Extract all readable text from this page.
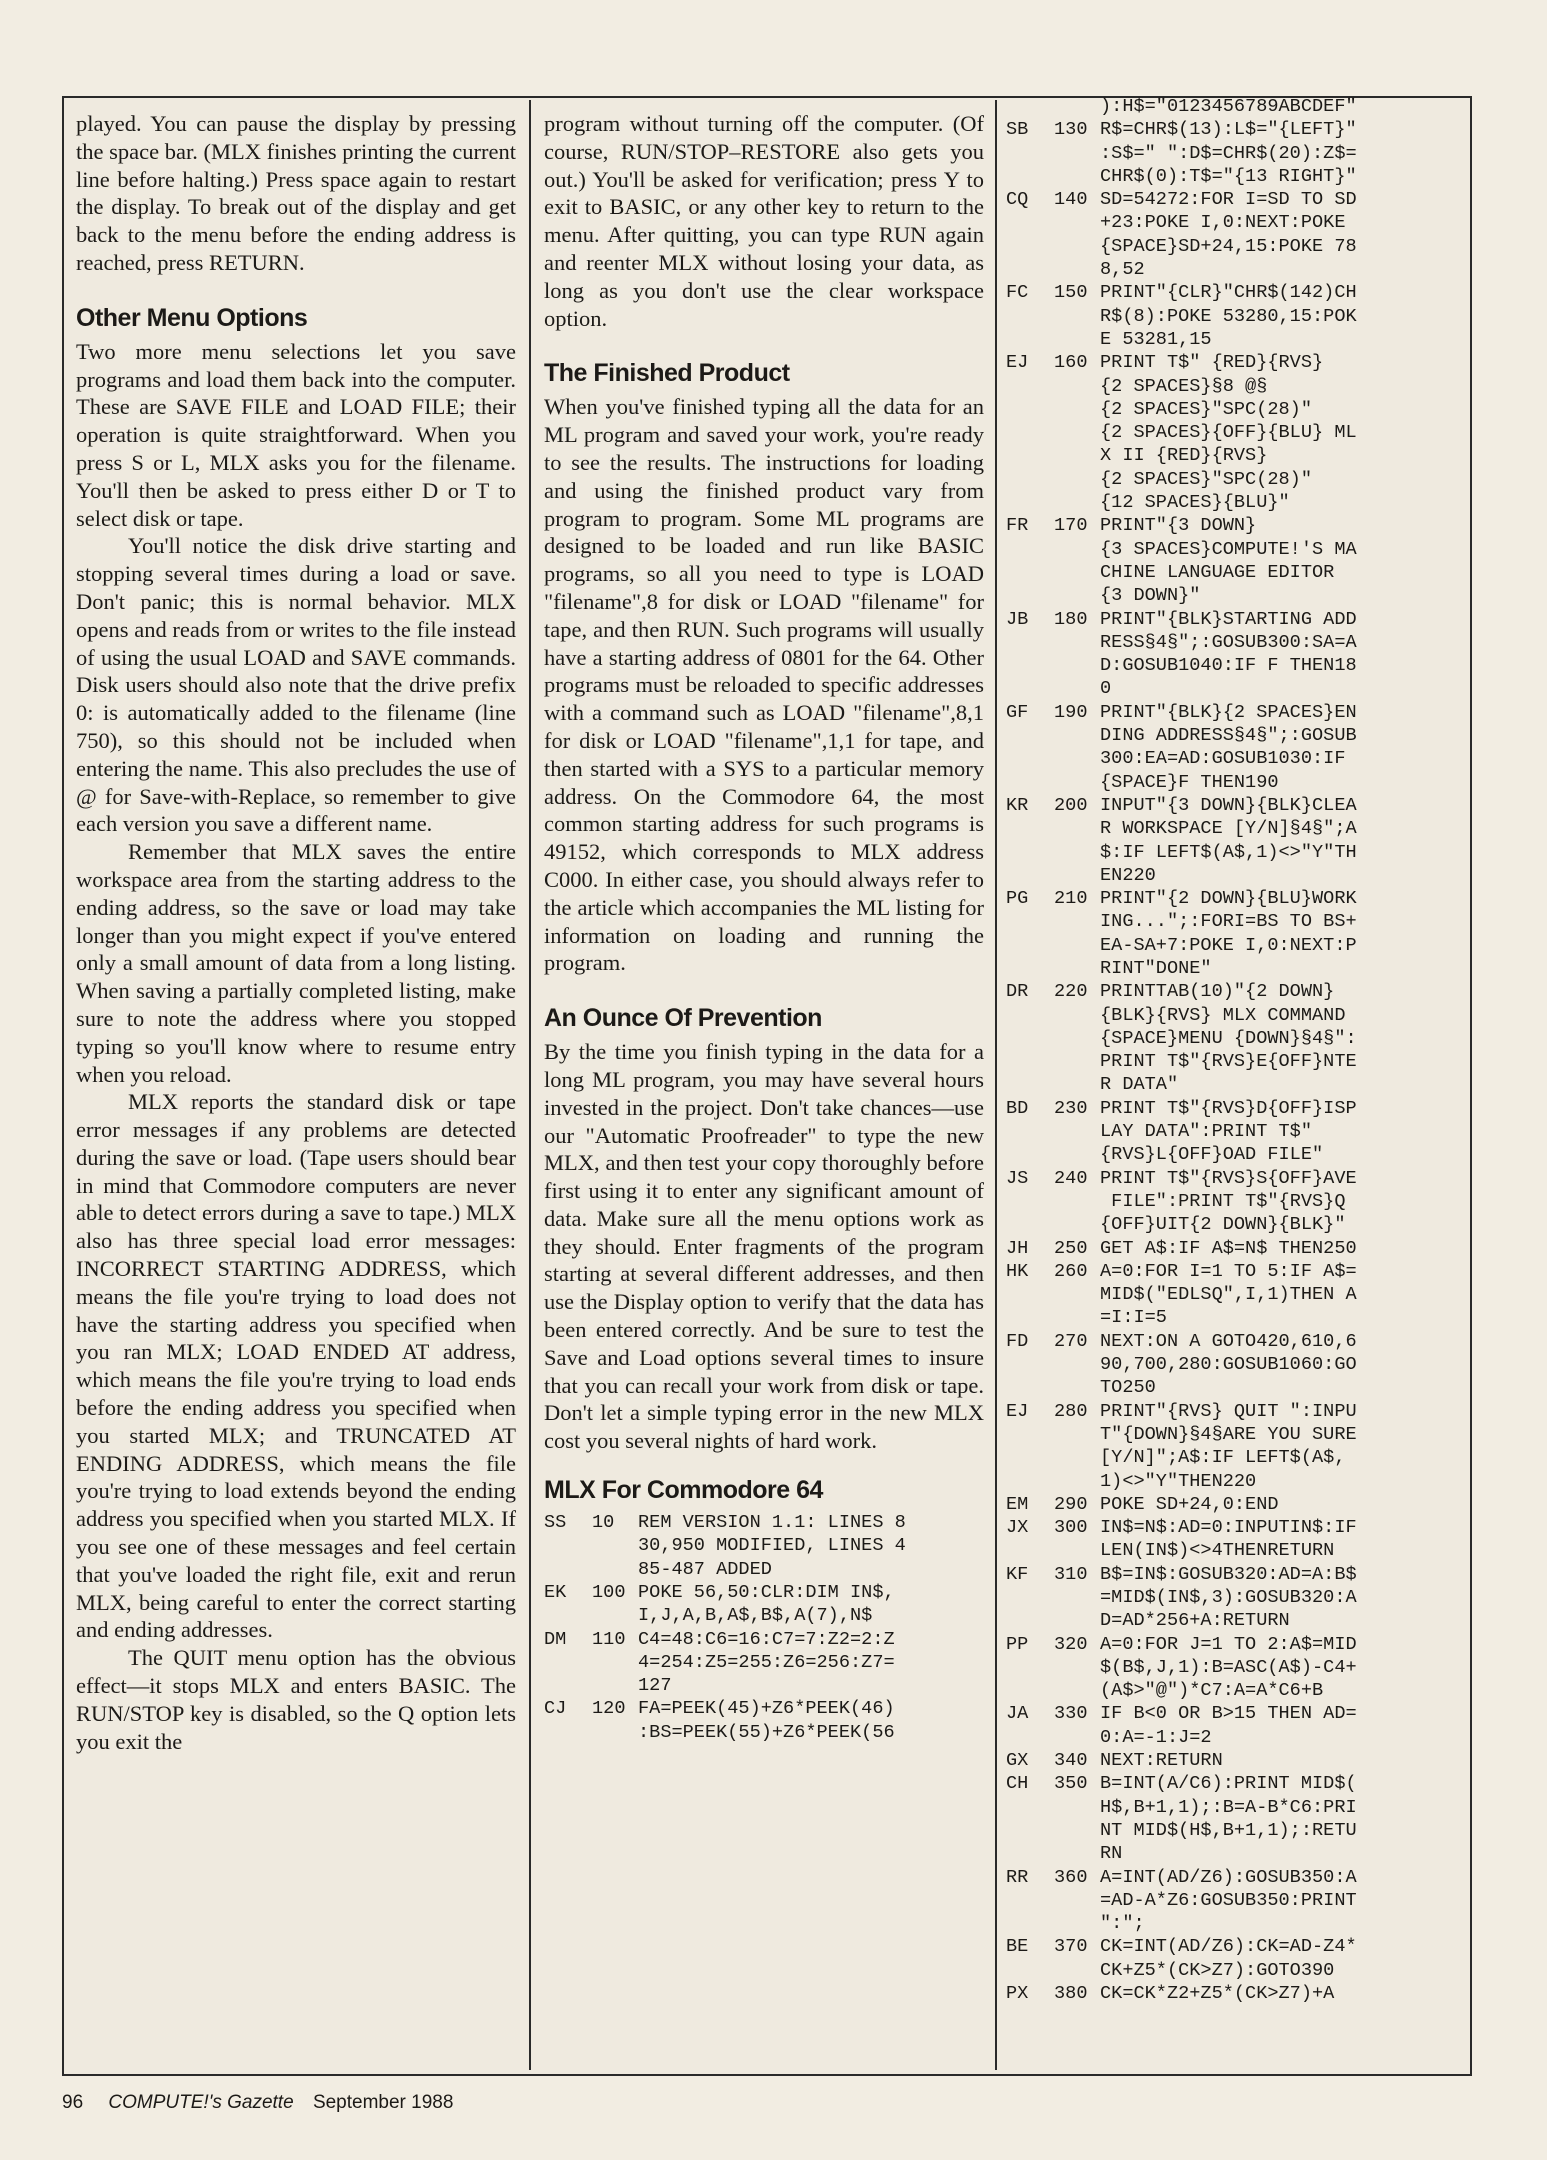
played. You can pause the display by pressing the space bar. (MLX finishes printing the current line before halting.) Press space again to restart the display. To break out of the display and get back to the menu before the ending address is reached, press RETURN.

Other Menu Options

Two more menu selections let you save programs and load them back into the computer. These are SAVE FILE and LOAD FILE; their operation is quite straightforward. When you press S or L, MLX asks you for the filename. You'll then be asked to press either D or T to select disk or tape.

You'll notice the disk drive starting and stopping several times during a load or save. Don't panic; this is normal behavior. MLX opens and reads from or writes to the file instead of using the usual LOAD and SAVE commands. Disk users should also note that the drive prefix 0: is automatically added to the filename (line 750), so this should not be included when entering the name. This also precludes the use of @ for Save-with-Replace, so remember to give each version you save a different name.

Remember that MLX saves the entire workspace area from the starting address to the ending address, so the save or load may take longer than you might expect if you've entered only a small amount of data from a long listing. When saving a partially completed listing, make sure to note the address where you stopped typing so you'll know where to resume entry when you reload.

MLX reports the standard disk or tape error messages if any problems are detected during the save or load. (Tape users should bear in mind that Commodore computers are never able to detect errors during a save to tape.) MLX also has three special load error messages: INCORRECT STARTING ADDRESS, which means the file you're trying to load does not have the starting address you specified when you ran MLX; LOAD ENDED AT address, which means the file you're trying to load ends before the ending address you specified when you started MLX; and TRUNCATED AT ENDING ADDRESS, which means the file you're trying to load extends beyond the ending address you specified when you started MLX. If you see one of these messages and feel certain that you've loaded the right file, exit and rerun MLX, being careful to enter the correct starting and ending addresses.

The QUIT menu option has the obvious effect—it stops MLX and enters BASIC. The RUN/STOP key is disabled, so the Q option lets you exit the

program without turning off the computer. (Of course, RUN/STOP–RESTORE also gets you out.) You'll be asked for verification; press Y to exit to BASIC, or any other key to return to the menu. After quitting, you can type RUN again and reenter MLX without losing your data, as long as you don't use the clear workspace option.

The Finished Product

When you've finished typing all the data for an ML program and saved your work, you're ready to see the results. The instructions for loading and using the finished product vary from program to program. Some ML programs are designed to be loaded and run like BASIC programs, so all you need to type is LOAD "filename",8 for disk or LOAD "filename" for tape, and then RUN. Such programs will usually have a starting address of 0801 for the 64. Other programs must be reloaded to specific addresses with a command such as LOAD "filename",8,1 for disk or LOAD "filename",1,1 for tape, and then started with a SYS to a particular memory address. On the Commodore 64, the most common starting address for such programs is 49152, which corresponds to MLX address C000. In either case, you should always refer to the article which accompanies the ML listing for information on loading and running the program.

An Ounce Of Prevention

By the time you finish typing in the data for a long ML program, you may have several hours invested in the project. Don't take chances—use our "Automatic Proofreader" to type the new MLX, and then test your copy thoroughly before first using it to enter any significant amount of data. Make sure all the menu options work as they should. Enter fragments of the program starting at several different addresses, and then use the Display option to verify that the data has been entered correctly. And be sure to test the Save and Load options several times to insure that you can recall your work from disk or tape. Don't let a simple typing error in the new MLX cost you several nights of hard work.

MLX For Commodore 64
SS	10	REM VERSION 1.1: LINES 8
30,950 MODIFIED, LINES 4
85-487 ADDED
EK	100 POKE 56,50:CLR:DIM IN$,
I,J,A,B,A$,B$,A(7),N$
DM	110 C4=48:C6=16:C7=7:Z2=2:Z
4=254:Z5=255:Z6=256:Z7=
127
CJ	120 FA=PEEK(45)+Z6*PEEK(46)
:BS=PEEK(55)+Z6*PEEK(56
):H$="0123456789ABCDEF"
SB	130 R$=CHR$(13):L$="{LEFT}"
:S$=" ":D$=CHR$(20):Z$=
CHR$(0):T$="{13 RIGHT}"
CQ	140 SD=54272:FOR I=SD TO SD
+23:POKE I,0:NEXT:POKE
{SPACE}SD+24,15:POKE 78
8,52
FC	150 PRINT"{CLR}"CHR$(142)CH
R$(8):POKE 53280,15:POK
E 53281,15
EJ	160 PRINT T$" {RED}{RVS}
{2 SPACES}§8 @§
{2 SPACES}"SPC(28)"
{2 SPACES}{OFF}{BLU} ML
X II {RED}{RVS}
{2 SPACES}"SPC(28)"
{12 SPACES}{BLU}"
FR	170 PRINT"{3 DOWN}
{3 SPACES}COMPUTE!'S MA
CHINE LANGUAGE EDITOR
{3 DOWN}"
JB	180 PRINT"{BLK}STARTING ADD
RESS§4§";:GOSUB300:SA=A
D:GOSUB1040:IF F THEN18
0
GF	190 PRINT"{BLK}{2 SPACES}EN
DING ADDRESS§4§";:GOSUB
300:EA=AD:GOSUB1030:IF
{SPACE}F THEN190
KR	200 INPUT"{3 DOWN}{BLK}CLEA
R WORKSPACE [Y/N]§4§";A
$:IF LEFT$(A$,1)<>"Y"TH
EN220
PG	210 PRINT"{2 DOWN}{BLU}WORK
ING...";:FORI=BS TO BS+
EA-SA+7:POKE I,0:NEXT:P
RINT"DONE"
DR	220 PRINTTAB(10)"{2 DOWN}
{BLK}{RVS} MLX COMMAND
{SPACE}MENU {DOWN}§4§":
PRINT T$"{RVS}E{OFF}NTE
R DATA"
BD	230 PRINT T$"{RVS}D{OFF}ISP
LAY DATA":PRINT T$"
{RVS}L{OFF}OAD FILE"
JS	240 PRINT T$"{RVS}S{OFF}AVE
FILE":PRINT T$"{RVS}Q
{OFF}UIT{2 DOWN}{BLK}"
JH	250 GET A$:IF A$=N$ THEN250
HK	260 A=0:FOR I=1 TO 5:IF A$=
MID$("EDLSQ",I,1)THEN A
=I:I=5
FD	270 NEXT:ON A GOTO420,610,6
90,700,280:GOSUB1060:GO
TO250
EJ	280 PRINT"{RVS} QUIT ":INPU
T"{DOWN}§4§ARE YOU SURE
[Y/N]";A$:IF LEFT$(A$,
1)<>"Y"THEN220
EM	290 POKE SD+24,0:END
JX	300 IN$=N$:AD=0:INPUTIN$:IF
LEN(IN$)<>4THENRETURN
KF	310 B$=IN$:GOSUB320:AD=A:B$
=MID$(IN$,3):GOSUB320:A
D=AD*256+A:RETURN
PP	320 A=0:FOR J=1 TO 2:A$=MID
$(B$,J,1):B=ASC(A$)-C4+
(A$>"@")*C7:A=A*C6+B
JA	330 IF B<0 OR B>15 THEN AD=
0:A=-1:J=2
GX	340 NEXT:RETURN
CH	350 B=INT(A/C6):PRINT MID$(
H$,B+1,1);:B=A-B*C6:PRI
NT MID$(H$,B+1,1);:RETU
RN
RR	360 A=INT(AD/Z6):GOSUB350:A
=AD-A*Z6:GOSUB350:PRINT
":";
BE	370 CK=INT(AD/Z6):CK=AD-Z4*
CK+Z5*(CK>Z7):GOTO390
PX	380 CK=CK*Z2+Z5*(CK>Z7)+A
96 COMPUTE!'s Gazette September 1988
